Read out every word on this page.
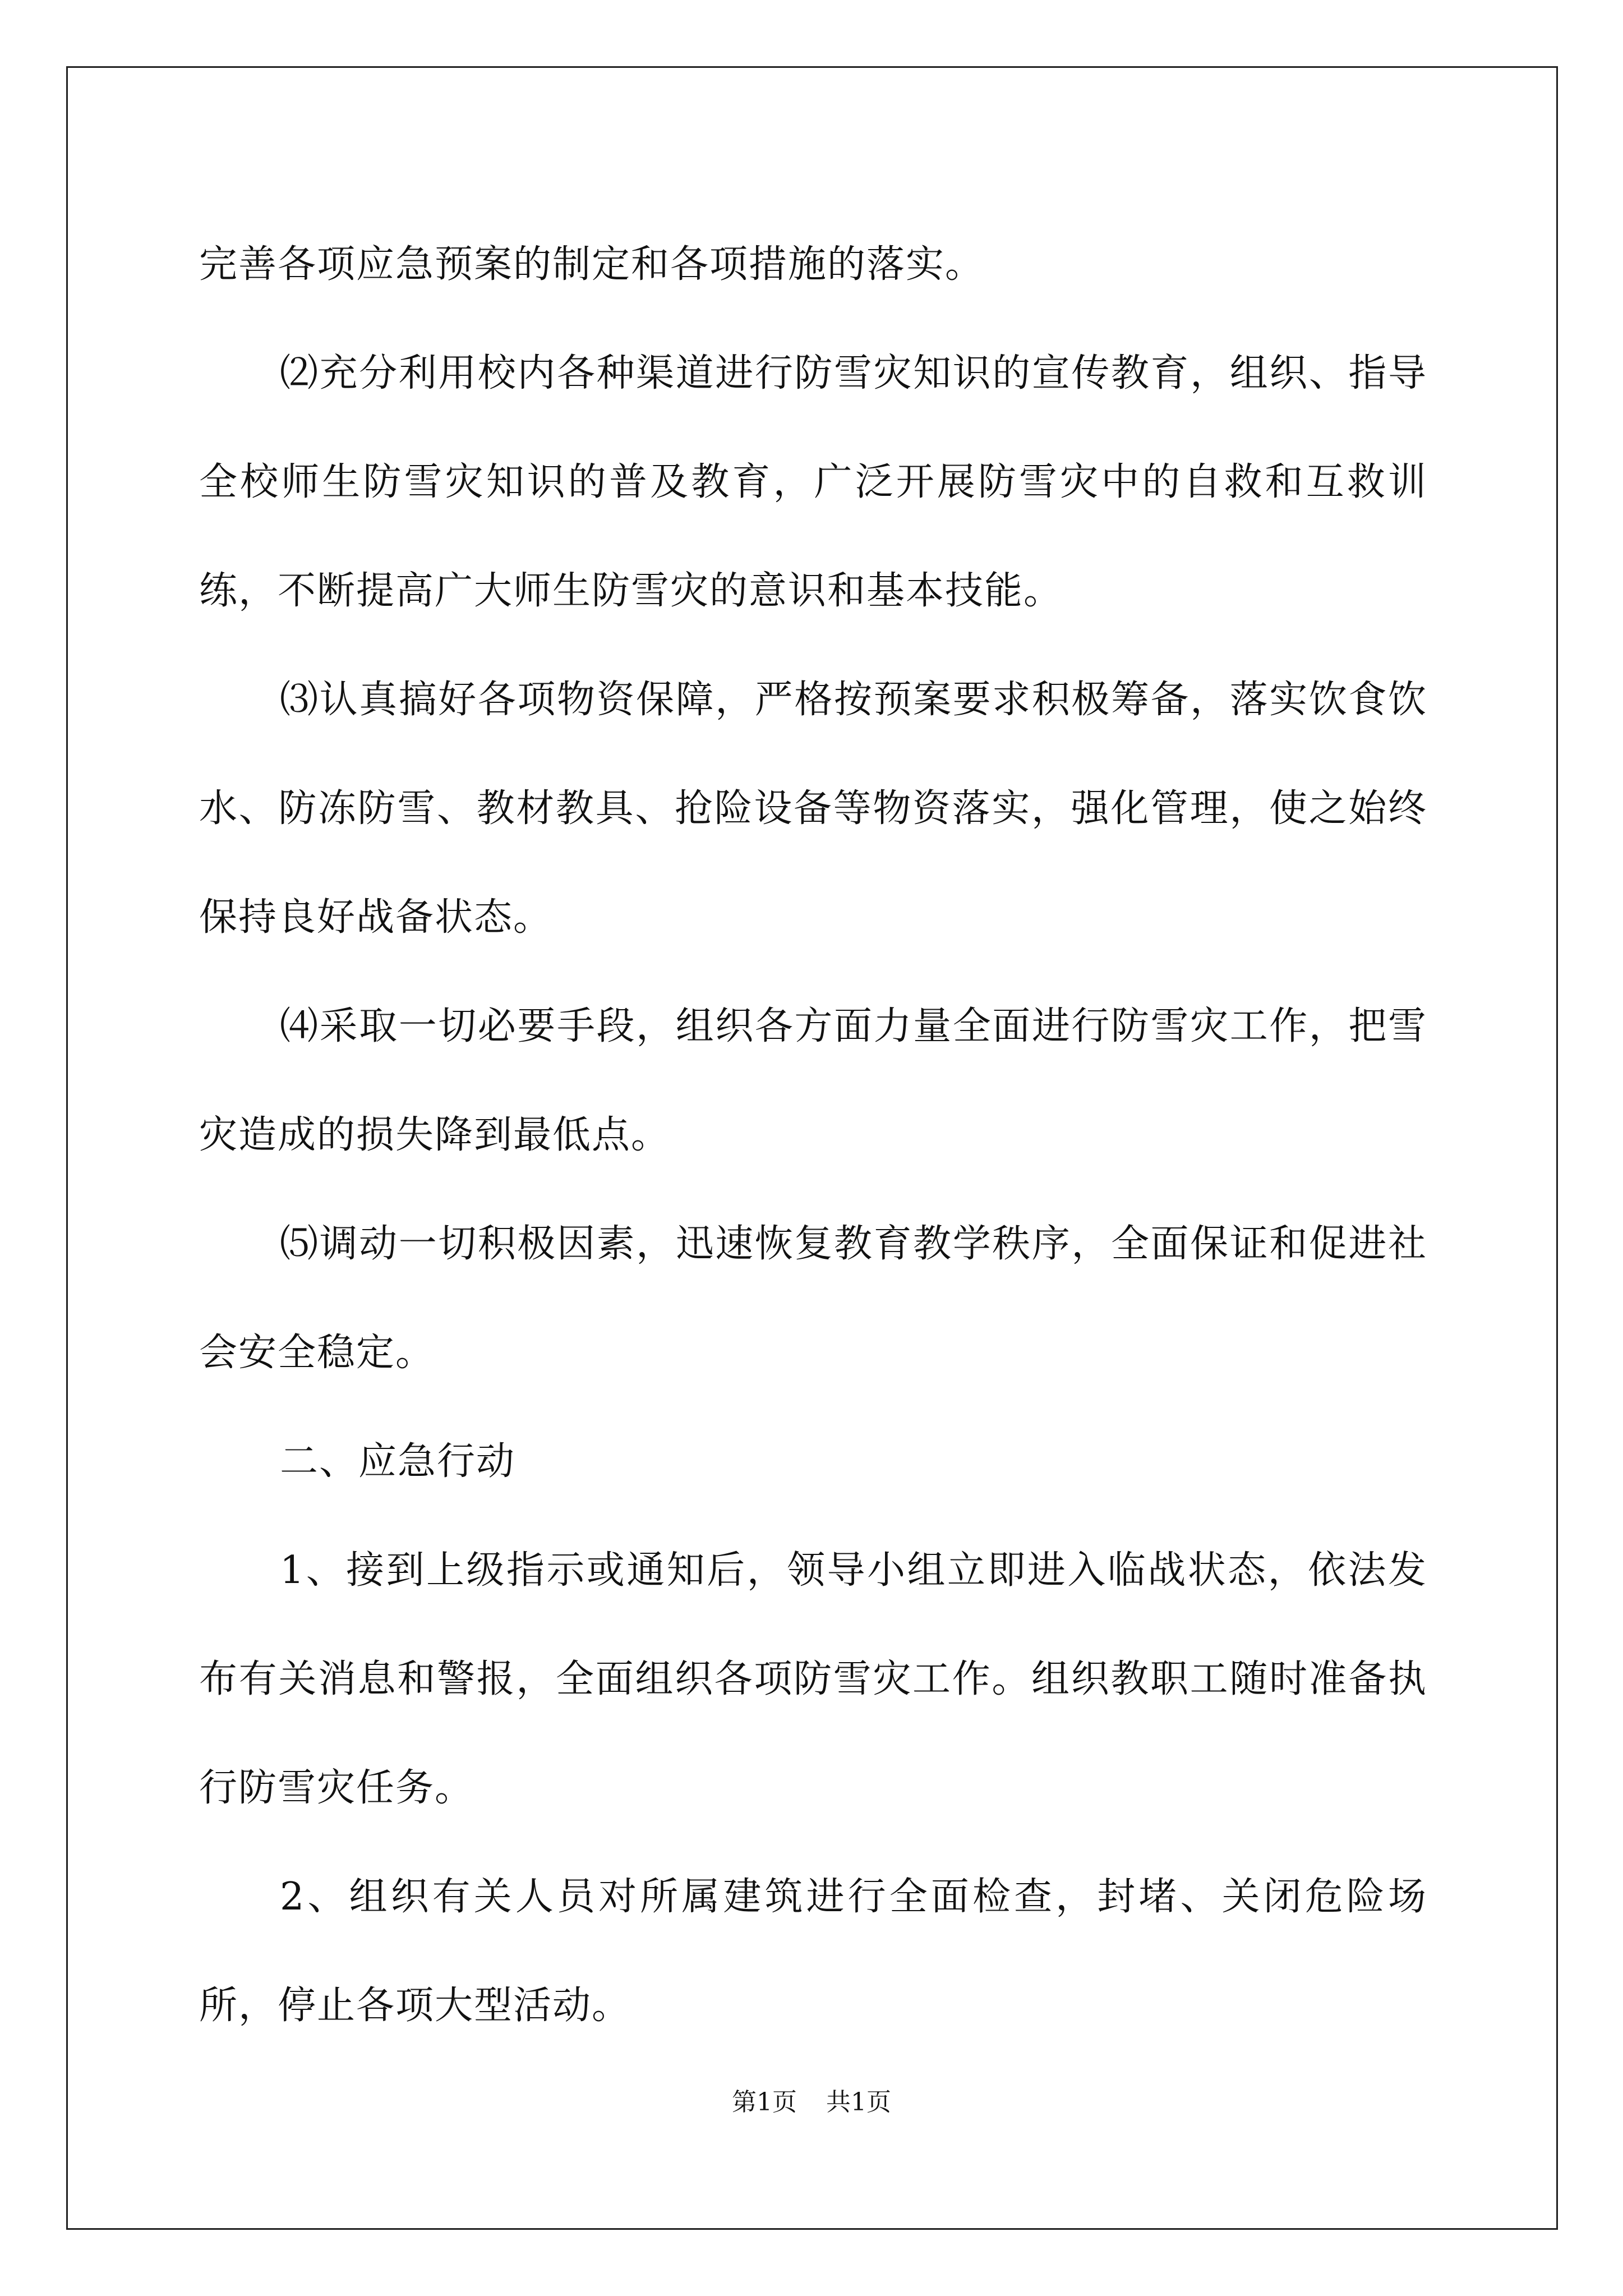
完善各项应急预案的制定和各项措施的落实。

⑵充分利用校内各种渠道进行防雪灾知识的宣传教育，组织、指导全校师生防雪灾知识的普及教育，广泛开展防雪灾中的自救和互救训练，不断提高广大师生防雪灾的意识和基本技能。

⑶认真搞好各项物资保障，严格按预案要求积极筹备，落实饮食饮水、防冻防雪、教材教具、抢险设备等物资落实，强化管理，使之始终保持良好战备状态。

⑷采取一切必要手段，组织各方面力量全面进行防雪灾工作，把雪灾造成的损失降到最低点。

⑸调动一切积极因素，迅速恢复教育教学秩序，全面保证和促进社会安全稳定。

二、应急行动

1、接到上级指示或通知后，领导小组立即进入临战状态，依法发布有关消息和警报，全面组织各项防雪灾工作。组织教职工随时准备执行防雪灾任务。

2、组织有关人员对所属建筑进行全面检查，封堵、关闭危险场所，停止各项大型活动。

第1页 共1页
